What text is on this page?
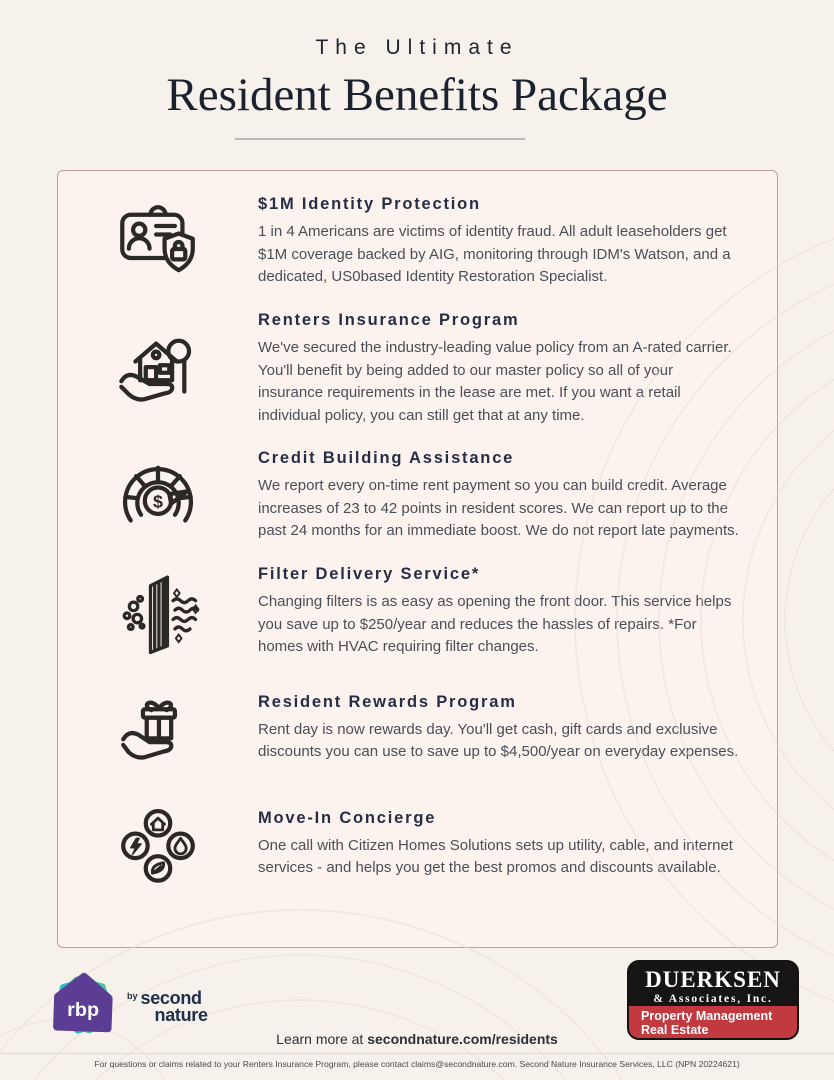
The Ultimate
Resident Benefits Package
$1M Identity Protection

1 in 4 Americans are victims of identity fraud. All adult leaseholders get $1M coverage backed by AIG, monitoring through IDM's Watson, and a dedicated, US0based Identity Restoration Specialist.

Renters Insurance Program

We've secured the industry-leading value policy from an A-rated carrier. You'll benefit by being added to our master policy so all of your insurance requirements in the lease are met. If you want a retail individual policy, you can still get that at any time.

$
Credit Building Assistance

We report every on-time rent payment so you can build credit. Average increases of 23 to 42 points in resident scores. We can report up to the past 24 months for an immediate boost. We do not report late payments.

Filter Delivery Service*

Changing filters is as easy as opening the front door. This service helps you save up to $250/year and reduces the hassles of repairs. *For homes with HVAC requiring filter changes.

Resident Rewards Program

Rent day is now rewards day. You'll get cash, gift cards and exclusive discounts you can use to save up to $4,500/year on everyday expenses.

Move-In Concierge

One call with Citizen Homes Solutions sets up utility, cable, and internet services - and helps you get the best promos and discounts available.

rbp
by second
nature
Learn more at secondnature.com/residents
DUERKSEN
& Associates, Inc.
Property Management
Real Estate
For questions or claims related to your Renters Insurance Program, please contact claims@secondnature.com. Second Nature Insurance Services, LLC (NPN 20224621)
